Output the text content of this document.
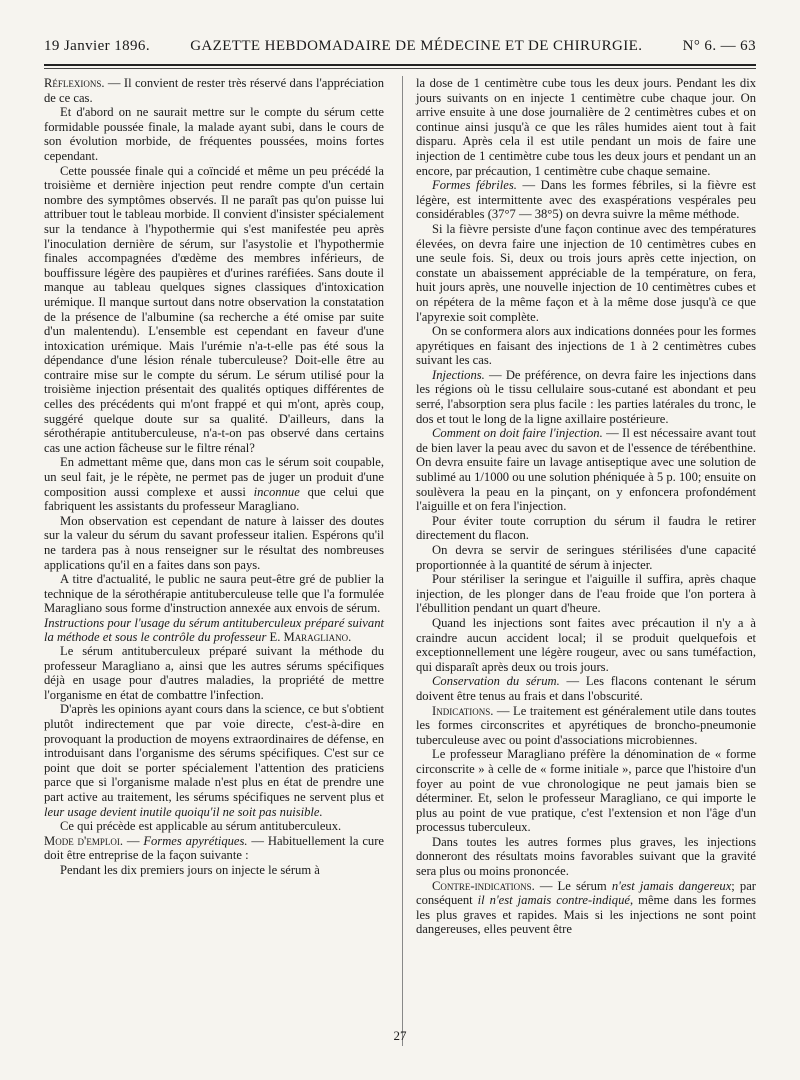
19 Janvier 1896.	GAZETTE HEBDOMADAIRE DE MÉDECINE ET DE CHIRURGIE.	N° 6. — 63

Réflexions. — Il convient de rester très réservé dans l'appréciation de ce cas.

Et d'abord on ne saurait mettre sur le compte du sérum cette formidable poussée finale, la malade ayant subi, dans le cours de son évolution morbide, de fréquentes poussées, moins fortes cependant.

Cette poussée finale qui a coïncidé et même un peu précédé la troisième et dernière injection peut rendre compte d'un certain nombre des symptômes observés. Il ne paraît pas qu'on puisse lui attribuer tout le tableau morbide. Il convient d'insister spécialement sur la tendance à l'hypothermie qui s'est manifestée peu après l'inoculation dernière de sérum, sur l'asystolie et l'hypothermie finales accompagnées d'œdème des membres inférieurs, de bouffissure légère des paupières et d'urines raréfiées. Sans doute il manque au tableau quelques signes classiques d'intoxication urémique. Il manque surtout dans notre observation la constatation de la présence de l'albumine (sa recherche a été omise par suite d'un malentendu). L'ensemble est cependant en faveur d'une intoxication urémique. Mais l'urémie n'a-t-elle pas été sous la dépendance d'une lésion rénale tuberculeuse? Doit-elle être au contraire mise sur le compte du sérum. Le sérum utilisé pour la troisième injection présentait des qualités optiques différentes de celles des précédents qui m'ont frappé et qui m'ont, après coup, suggéré quelque doute sur sa qualité. D'ailleurs, dans la sérothérapie antituberculeuse, n'a-t-on pas observé dans certains cas une action fâcheuse sur le filtre rénal?

En admettant même que, dans mon cas le sérum soit coupable, un seul fait, je le répète, ne permet pas de juger un produit d'une composition aussi complexe et aussi inconnue que celui que fabriquent les assistants du professeur Maragliano.

Mon observation est cependant de nature à laisser des doutes sur la valeur du sérum du savant professeur italien. Espérons qu'il ne tardera pas à nous renseigner sur le résultat des nombreuses applications qu'il en a faites dans son pays.

A titre d'actualité, le public ne saura peut-être gré de publier la technique de la sérothérapie antituberculeuse telle que l'a formulée Maragliano sous forme d'instruction annexée aux envois de sérum.

Instructions pour l'usage du sérum antituberculeux préparé suivant la méthode et sous le contrôle du professeur E. Maragliano.

Le sérum antituberculeux préparé suivant la méthode du professeur Maragliano a, ainsi que les autres sérums spécifiques déjà en usage pour d'autres maladies, la propriété de mettre l'organisme en état de combattre l'infection.

D'après les opinions ayant cours dans la science, ce but s'obtient plutôt indirectement que par voie directe, c'est-à-dire en provoquant la production de moyens extraordinaires de défense, en introduisant dans l'organisme des sérums spécifiques. C'est sur ce point que doit se porter spécialement l'attention des praticiens parce que si l'organisme malade n'est plus en état de prendre une part active au traitement, les sérums spécifiques ne servent plus et leur usage devient inutile quoiqu'il ne soit pas nuisible.

Ce qui précède est applicable au sérum antituberculeux.

Mode d'emploi. — Formes apyrétiques. — Habituellement la cure doit être entreprise de la façon suivante :

Pendant les dix premiers jours on injecte le sérum à

la dose de 1 centimètre cube tous les deux jours. Pendant les dix jours suivants on en injecte 1 centimètre cube chaque jour. On arrive ensuite à une dose journalière de 2 centimètres cubes et on continue ainsi jusqu'à ce que les râles humides aient tout à fait disparu. Après cela il est utile pendant un mois de faire une injection de 1 centimètre cube tous les deux jours et pendant un an encore, par précaution, 1 centimètre cube chaque semaine.

Formes fébriles. — Dans les formes fébriles, si la fièvre est légère, est intermittente avec des exaspérations vespérales peu considérables (37°7 — 38°5) on devra suivre la même méthode.

Si la fièvre persiste d'une façon continue avec des températures élevées, on devra faire une injection de 10 centimètres cubes en une seule fois. Si, deux ou trois jours après cette injection, on constate un abaissement appréciable de la température, on fera, huit jours après, une nouvelle injection de 10 centimètres cubes et on répétera de la même façon et à la même dose jusqu'à ce que l'apyrexie soit complète.

On se conformera alors aux indications données pour les formes apyrétiques en faisant des injections de 1 à 2 centimètres cubes suivant les cas.

Injections. — De préférence, on devra faire les injections dans les régions où le tissu cellulaire sous-cutané est abondant et peu serré, l'absorption sera plus facile : les parties latérales du tronc, le dos et tout le long de la ligne axillaire postérieure.

Comment on doit faire l'injection. — Il est nécessaire avant tout de bien laver la peau avec du savon et de l'essence de térébenthine. On devra ensuite faire un lavage antiseptique avec une solution de sublimé au 1/1000 ou une solution phéniquée à 5 p. 100; ensuite on soulèvera la peau en la pinçant, on y enfoncera profondément l'aiguille et on fera l'injection.

Pour éviter toute corruption du sérum il faudra le retirer directement du flacon.

On devra se servir de seringues stérilisées d'une capacité proportionnée à la quantité de sérum à injecter.

Pour stériliser la seringue et l'aiguille il suffira, après chaque injection, de les plonger dans de l'eau froide que l'on portera à l'ébullition pendant un quart d'heure.

Quand les injections sont faites avec précaution il n'y a à craindre aucun accident local; il se produit quelquefois et exceptionnellement une légère rougeur, avec ou sans tuméfaction, qui disparaît après deux ou trois jours.

Conservation du sérum. — Les flacons contenant le sérum doivent être tenus au frais et dans l'obscurité.

Indications. — Le traitement est généralement utile dans toutes les formes circonscrites et apyrétiques de broncho-pneumonie tuberculeuse avec ou point d'associations microbiennes.

Le professeur Maragliano préfère la dénomination de « forme circonscrite » à celle de « forme initiale », parce que l'histoire d'un foyer au point de vue chronologique ne peut jamais bien se déterminer. Et, selon le professeur Maragliano, ce qui importe le plus au point de vue pratique, c'est l'extension et non l'âge d'un processus tuberculeux.

Dans toutes les autres formes plus graves, les injections donneront des résultats moins favorables suivant que la gravité sera plus ou moins prononcée.

Contre-indications. — Le sérum n'est jamais dangereux; par conséquent il n'est jamais contre-indiqué, même dans les formes les plus graves et rapides. Mais si les injections ne sont point dangereuses, elles peuvent être

27
